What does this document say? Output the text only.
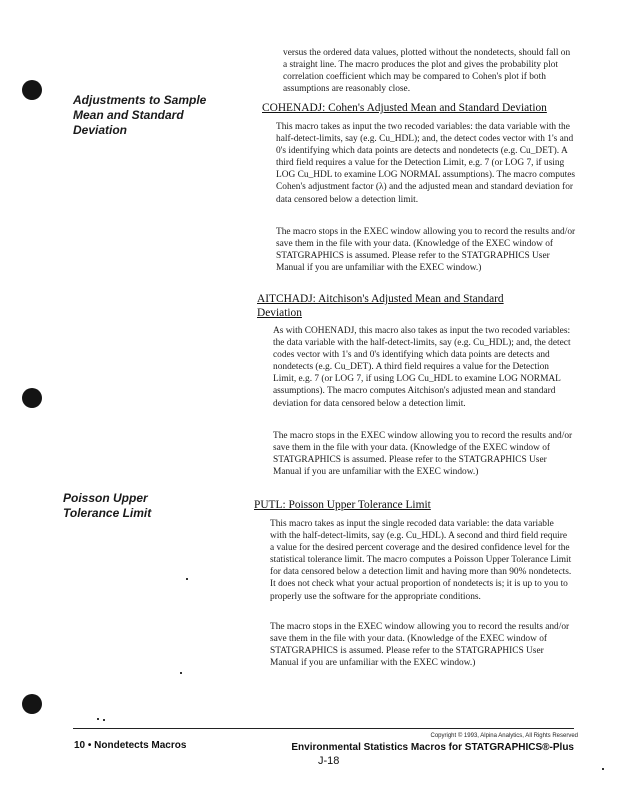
versus the ordered data values, plotted without the nondetects, should fall on a straight line. The macro produces the plot and gives the probability plot correlation coefficient which may be compared to Cohen's plot if both assumptions are reasonably close.
Adjustments to Sample
Mean and Standard
Deviation
Poisson Upper
Tolerance Limit
COHENADJ: Cohen's Adjusted Mean and Standard Deviation
This macro takes as input the two recoded variables: the data variable with the half-detect-limits, say (e.g. Cu_HDL); and, the detect codes vector with 1's and 0's identifying which data points are detects and nondetects (e.g. Cu_DET). A third field requires a value for the Detection Limit, e.g. 7 (or LOG 7, if using LOG Cu_HDL to examine LOG NORMAL assumptions). The macro computes Cohen's adjustment factor (λ) and the adjusted mean and standard deviation for data censored below a detection limit.
The macro stops in the EXEC window allowing you to record the results and/or save them in the file with your data. (Knowledge of the EXEC window of STATGRAPHICS is assumed. Please refer to the STATGRAPHICS User Manual if you are unfamiliar with the EXEC window.)
AITCHADJ: Aitchison's Adjusted Mean and Standard Deviation
As with COHENADJ, this macro also takes as input the two recoded variables: the data variable with the half-detect-limits, say (e.g. Cu_HDL); and, the detect codes vector with 1's and 0's identifying which data points are detects and nondetects (e.g. Cu_DET). A third field requires a value for the Detection Limit, e.g. 7 (or LOG 7, if using LOG Cu_HDL to examine LOG NORMAL assumptions). The macro computes Aitchison's adjusted mean and standard deviation for data censored below a detection limit.
The macro stops in the EXEC window allowing you to record the results and/or save them in the file with your data. (Knowledge of the EXEC window of STATGRAPHICS is assumed. Please refer to the STATGRAPHICS User Manual if you are unfamiliar with the EXEC window.)
PUTL: Poisson Upper Tolerance Limit
This macro takes as input the single recoded data variable: the data variable with the half-detect-limits, say (e.g. Cu_HDL). A second and third field require a value for the desired percent coverage and the desired confidence level for the statistical tolerance limit. The macro computes a Poisson Upper Tolerance Limit for data censored below a detection limit and having more than 90% nondetects. It does not check what your actual proportion of nondetects is; it is up to you to properly use the software for the appropriate conditions.
The macro stops in the EXEC window allowing you to record the results and/or save them in the file with your data. (Knowledge of the EXEC window of STATGRAPHICS is assumed. Please refer to the STATGRAPHICS User Manual if you are unfamiliar with the EXEC window.)
Copyright © 1993, Alpina Analytics, All Rights Reserved
10 • Nondetects Macros	Environmental Statistics Macros for STATGRAPHICS®-Plus
J-18
